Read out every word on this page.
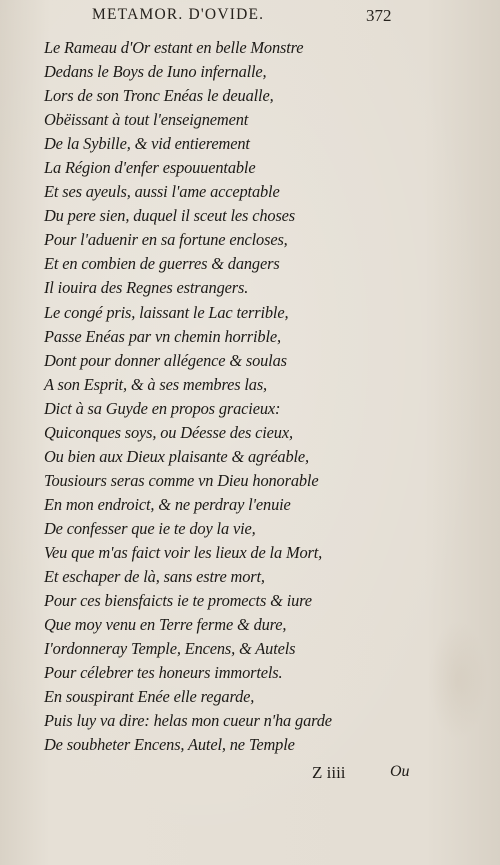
METAMOR. D'OVIDE.	372
Le Rameau d'Or estant en belle Monstre
Dedans le Boys de Iuno infernalle,
Lors de son Tronc Enéas le deualle,
Obëissant à tout l'enseignement
De la Sybille, & vid entierement
La Région d'enfer espouuentable
Et ses ayeuls, aussi l'ame acceptable
Du pere sien, duquel il sceut les choses
Pour l'aduenir en sa fortune encloses,
Et en combien de guerres & dangers
Il iouira des Regnes estrangers.
Le congé pris, laissant le Lac terrible,
Passe Enéas par vn chemin horrible,
Dont pour donner allégence & soulas
A son Esprit, & à ses membres las,
Dict à sa Guyde en propos gracieux:
Quiconques soys, ou Déesse des cieux,
Ou bien aux Dieux plaisante & agréable,
Tousiours seras comme vn Dieu honorable
En mon endroict, & ne perdray l'enuie
De confesser que ie te doy la vie,
Veu que m'as faict voir les lieux de la Mort,
Et eschaper de là, sans estre mort,
Pour ces biensfaicts ie te promects & iure
Que moy venu en Terre ferme & dure,
I'ordonneray Temple, Encens, & Autels
Pour célebrer tes honeurs immortels.
En souspirant Enée elle regarde,
Puis luy va dire: helas mon cueur n'ha garde
De soubheter Encens, Autel, ne Temple
Z iiii	Ou
